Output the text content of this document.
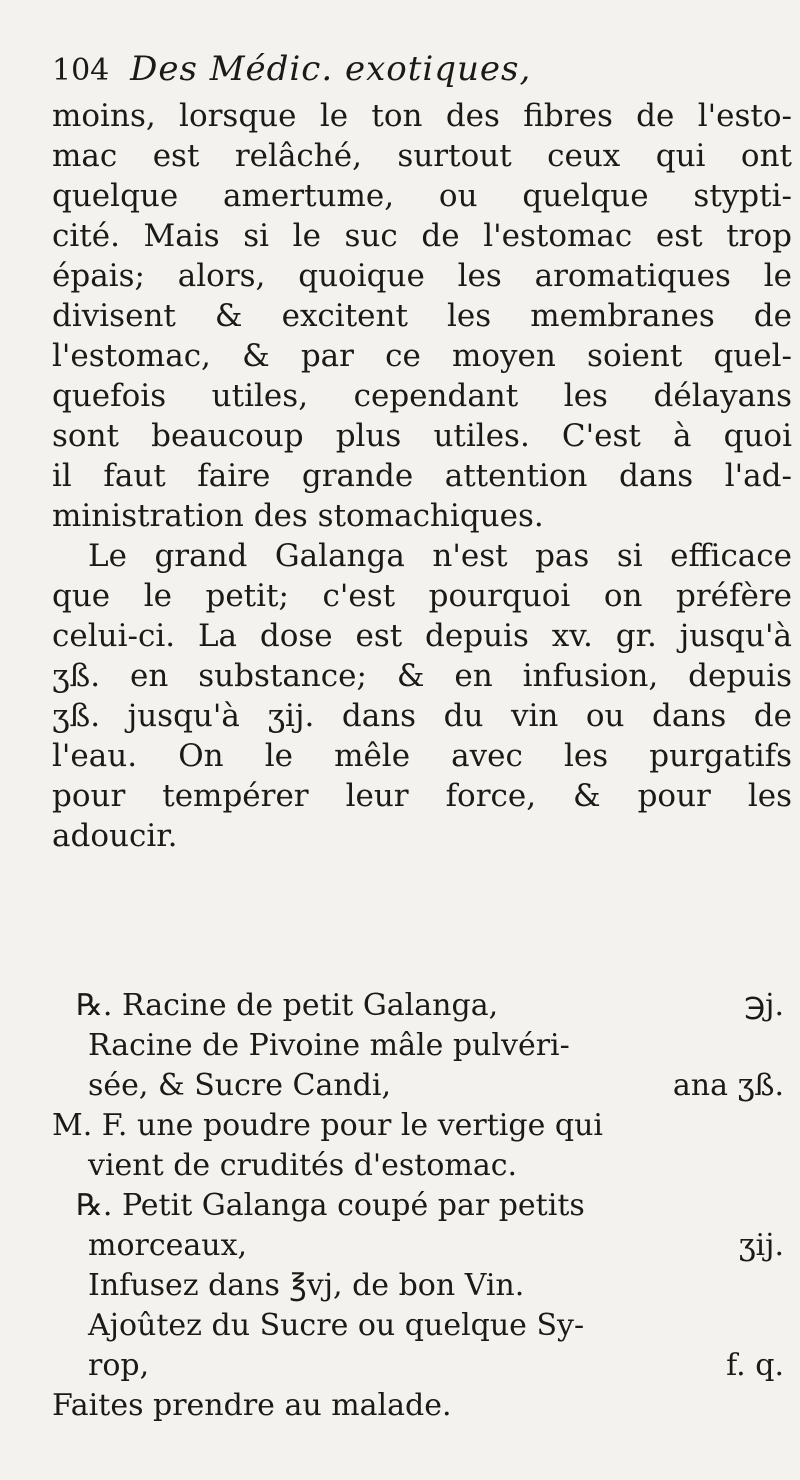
104 Des Médic. exotiques,
moins, lorsque le ton des fibres de l'esto-
mac est relâché, surtout ceux qui ont
quelque amertume, ou quelque stypti-
cité. Mais si le suc de l'estomac est trop
épais; alors, quoique les aromatiques le
divisent & excitent les membranes de
l'estomac, & par ce moyen soient quel-
quefois utiles, cependant les délayans
sont beaucoup plus utiles. C'est à quoi
il faut faire grande attention dans l'ad-
ministration des stomachiques.
Le grand Galanga n'est pas si efficace
que le petit; c'est pourquoi on préfère
celui-ci. La dose est depuis xv. gr. jusqu'à
ʒß. en substance; & en infusion, depuis
ʒß. jusqu'à ʒij. dans du vin ou dans de
l'eau. On le mêle avec les purgatifs
pour tempérer leur force, & pour les
adoucir.
℞. Racine de petit Galanga,	℈j.
Racine de Pivoine mâle pulvéri-
sée, & Sucre Candi,	ana ʒß.
M. F. une poudre pour le vertige qui
vient de crudités d'estomac.
℞. Petit Galanga coupé par petits
morceaux,	ʒij.
Infusez dans ℥vj, de bon Vin.
Ajoûtez du Sucre ou quelque Sy-
rop,	f. q.
Faites prendre au malade.
